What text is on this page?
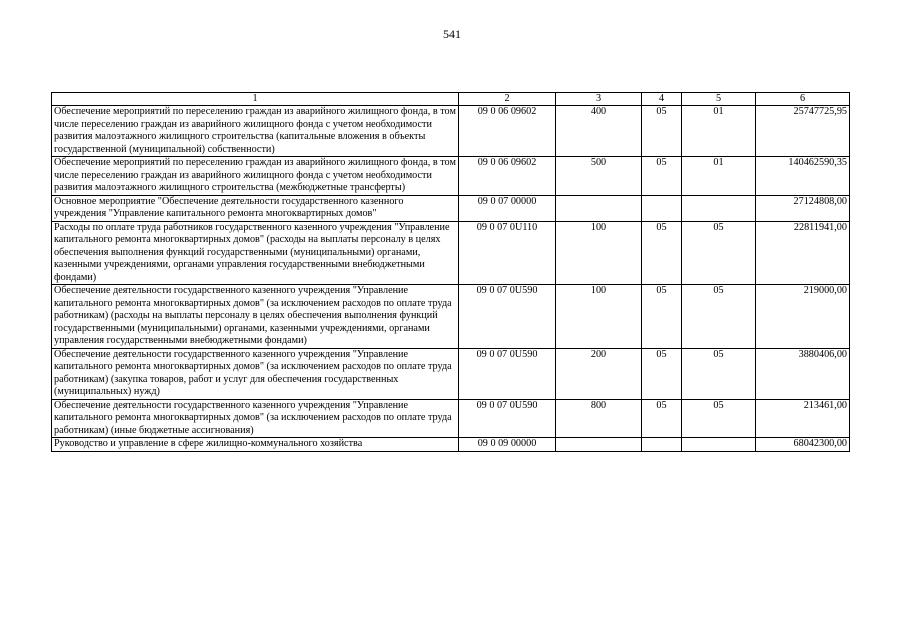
541
1	2	3	4	5	6
Обеспечение мероприятий по переселению граждан из аварийного жилищного фонда, в том числе переселению граждан из аварийного жилищного фонда с учетом необходимости развития малоэтажного жилищного строительства (капитальные вложения в объекты государственной (муниципальной) собственности)	09 0 06 09602	400	05	01	25747725,95
Обеспечение мероприятий по переселению граждан из аварийного жилищного фонда, в том числе переселению граждан из аварийного жилищного фонда с учетом необходимости развития малоэтажного жилищного строительства (межбюджетные трансферты)	09 0 06 09602	500	05	01	140462590,35
Основное мероприятие "Обеспечение деятельности государственного казенного учреждения "Управление капитального ремонта многоквартирных домов"	09 0 07 00000				27124808,00
Расходы по оплате труда работников государственного казенного учреждения "Управление капитального ремонта многоквартирных домов" (расходы на выплаты персоналу в целях обеспечения выполнения функций государственными (муниципальными) органами, казенными учреждениями, органами управления государственными внебюджетными фондами)	09 0 07 0U110	100	05	05	22811941,00
Обеспечение деятельности государственного казенного учреждения "Управление капитального ремонта многоквартирных домов" (за исключением расходов по оплате труда работникам) (расходы на выплаты персоналу в целях обеспечения выполнения функций государственными (муниципальными) органами, казенными учреждениями, органами управления государственными внебюджетными фондами)	09 0 07 0U590	100	05	05	219000,00
Обеспечение деятельности государственного казенного учреждения "Управление капитального ремонта многоквартирных домов" (за исключением расходов по оплате труда работникам) (закупка товаров, работ и услуг для обеспечения государственных (муниципальных) нужд)	09 0 07 0U590	200	05	05	3880406,00
Обеспечение деятельности государственного казенного учреждения "Управление капитального ремонта многоквартирных домов" (за исключением расходов по оплате труда работникам) (иные бюджетные ассигнования)	09 0 07 0U590	800	05	05	213461,00
Руководство и управление в сфере жилищно-коммунального хозяйства	09 0 09 00000				68042300,00
